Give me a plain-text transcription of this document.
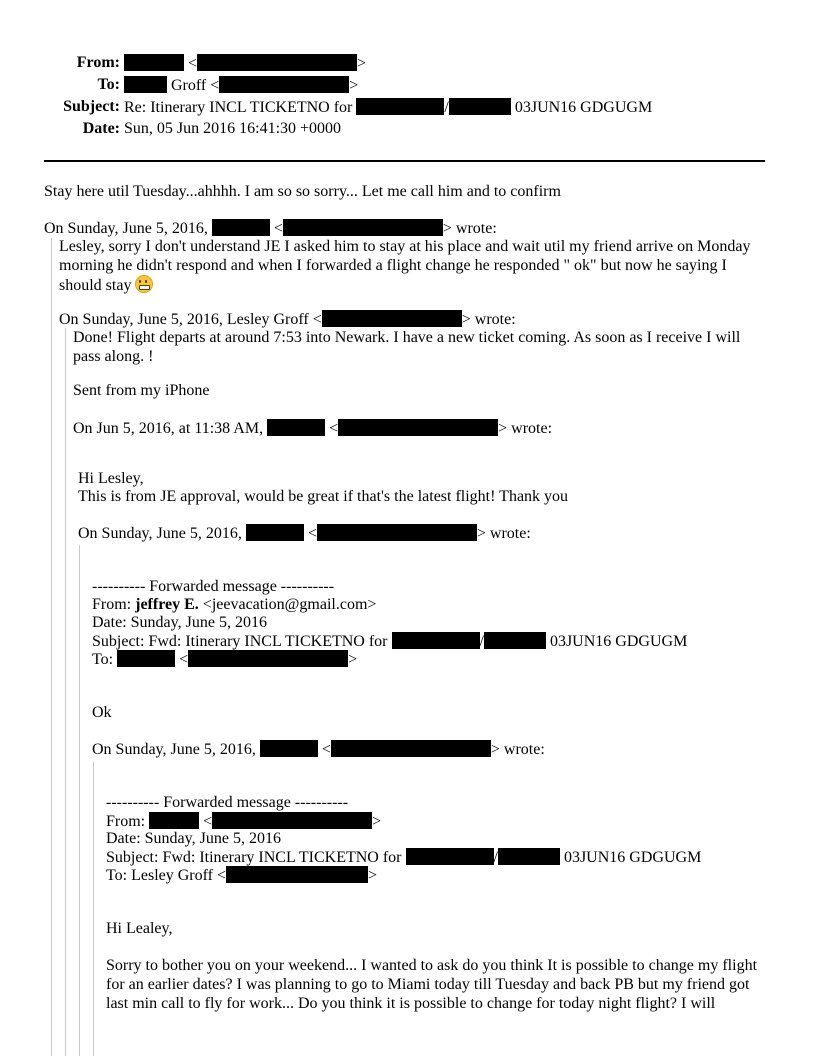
From:	<	>
To:	Groff <	>
Subject: Re: Itinerary INCL TICKETNO for	/	03JUN16 GDGUGM
Date: Sun, 05 Jun 2016 16:41:30 +0000
Stay here util Tuesday...ahhhh. I am so so sorry... Let me call him and to confirm
On Sunday, June 5, 2016,	<	> wrote:
Lesley, sorry I don't understand JE I asked him to stay at his place and wait util my friend arrive on Monday morning he didn't respond and when I forwarded a flight change he responded " ok" but now he saying I should stay
On Sunday, June 5, 2016, Lesley Groff <	> wrote:
Done! Flight departs at around 7:53 into Newark. I have a new ticket coming. As soon as I receive I will pass along. !
Sent from my iPhone
On Jun 5, 2016, at 11:38 AM,	<	> wrote:
Hi Lesley,
This is from JE approval, would be great if that's the latest flight! Thank you
On Sunday, June 5, 2016,	<	> wrote:
---------- Forwarded message ----------
From: jeffrey E. <jeevacation@gmail.com>
Date: Sunday, June 5, 2016
Subject: Fwd: Itinerary INCL TICKETNO for	/	03JUN16 GDGUGM
To:	<	>
Ok
On Sunday, June 5, 2016,	<	> wrote:
---------- Forwarded message ----------
From:	<	>
Date: Sunday, June 5, 2016
Subject: Fwd: Itinerary INCL TICKETNO for	/	03JUN16 GDGUGM
To: Lesley Groff <	>
Hi Lealey,
Sorry to bother you on your weekend... I wanted to ask do you think It is possible to change my flight for an earlier dates? I was planning to go to Miami today till Tuesday and back PB but my friend got last min call to fly for work... Do you think it is possible to change for today night flight? I will
